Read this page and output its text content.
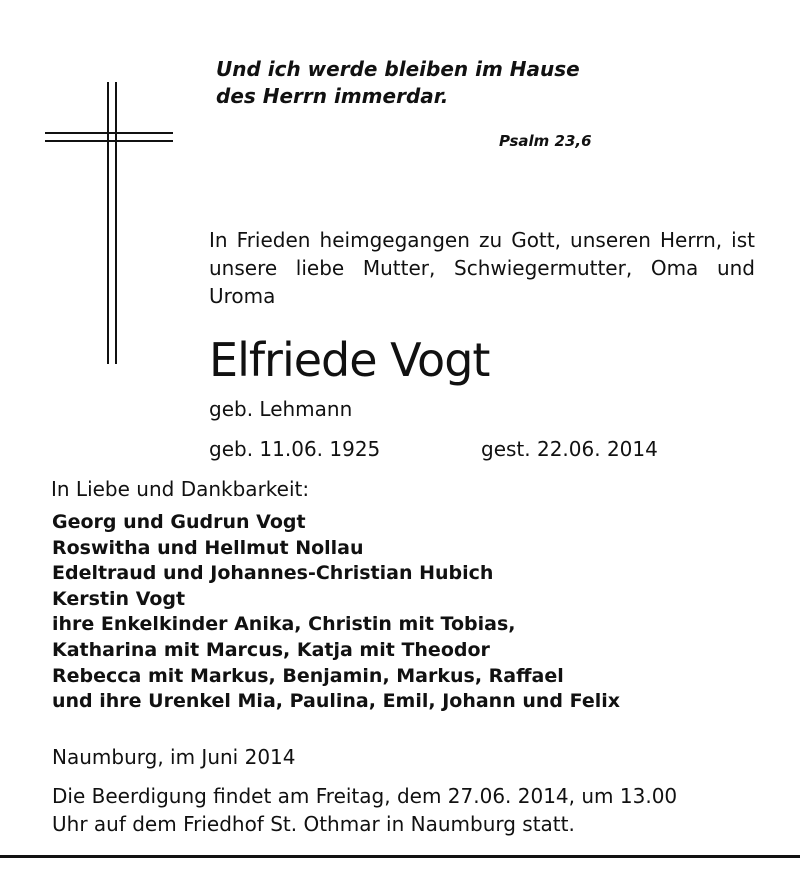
Und ich werde bleiben im Hause
des Herrn immerdar.
Psalm 23,6
In Frieden heimgegangen zu Gott, unseren Herrn, ist unsere liebe Mutter, Schwiegermutter, Oma und Uroma
Elfriede Vogt
geb. Lehmann
geb. 11.06. 1925	gest. 22.06. 2014
In Liebe und Dankbarkeit:
Georg und Gudrun Vogt
Roswitha und Hellmut Nollau
Edeltraud und Johannes-Christian Hubich
Kerstin Vogt
ihre Enkelkinder Anika, Christin mit Tobias,
Katharina mit Marcus, Katja mit Theodor
Rebecca mit Markus, Benjamin, Markus, Raffael
und ihre Urenkel Mia, Paulina, Emil, Johann und Felix
Naumburg, im Juni 2014
Die Beerdigung findet am Freitag, dem 27.06. 2014, um 13.00
Uhr auf dem Friedhof St. Othmar in Naumburg statt.
